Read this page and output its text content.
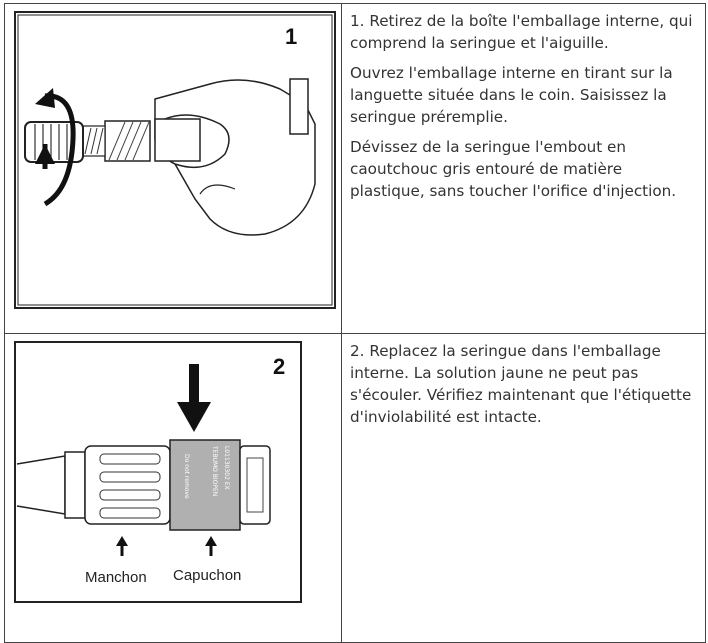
1

1. Retirez de la boîte l'emballage interne, qui comprend la seringue et l'aiguille.

Ouvrez l'emballage interne en tirant sur la languette située dans le coin. Saisissez la seringue préremplie.

Dévissez de la seringue l'embout en caoutchouc gris entouré de matière plastique, sans toucher l'orifice d'injection.

Do not remove	TEBUMO BIOPEN L01130302 EX
2
Manchon Capuchon

2. Replacez la seringue dans l'emballage interne. La solution jaune ne peut pas s'écouler. Vérifiez maintenant que l'étiquette d'inviolabilité est intacte.
